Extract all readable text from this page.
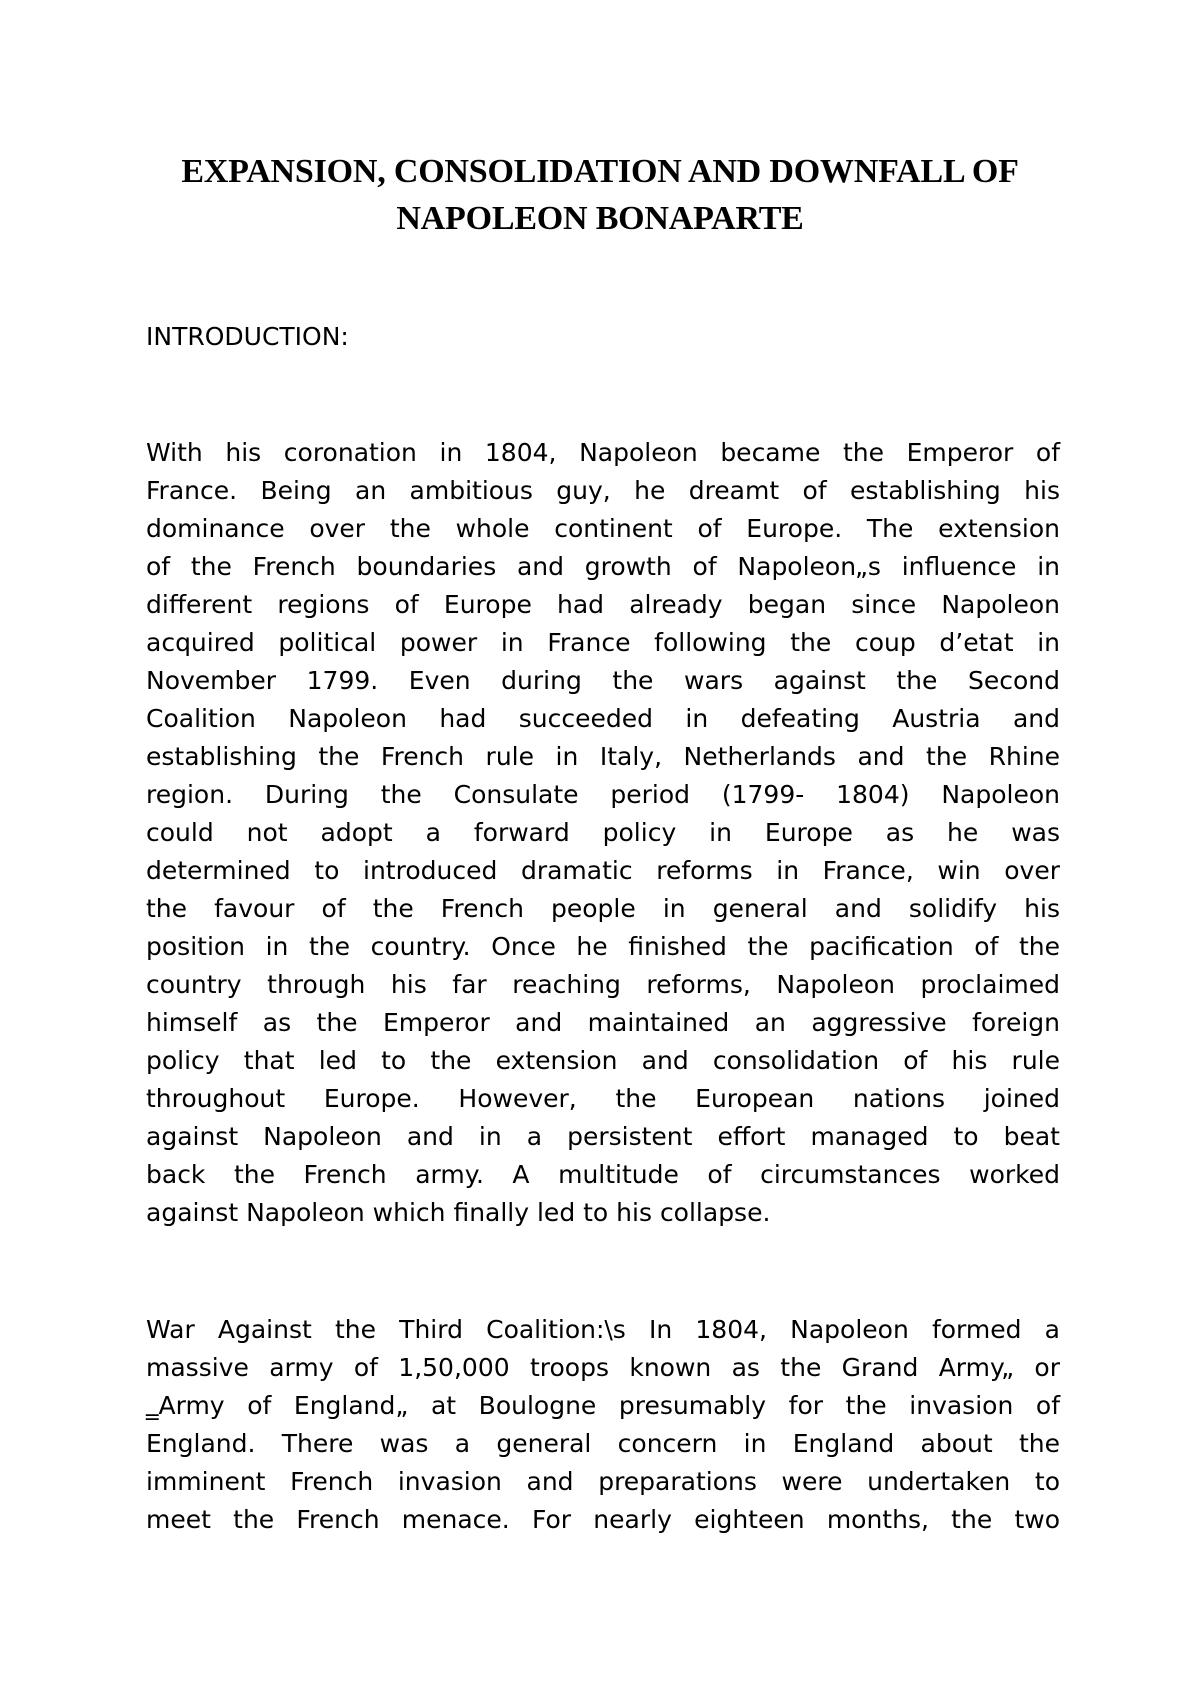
EXPANSION, CONSOLIDATION AND DOWNFALL OF
NAPOLEON BONAPARTE
INTRODUCTION:

With his coronation in 1804, Napoleon became the Emperor of
France. Being an ambitious guy, he dreamt of establishing his
dominance over the whole continent of Europe. The extension
of the French boundaries and growth of Napoleon„s influence in
different regions of Europe had already began since Napoleon
acquired political power in France following the coup d’etat in
November 1799. Even during the wars against the Second
Coalition Napoleon had succeeded in defeating Austria and
establishing the French rule in Italy, Netherlands and the Rhine
region. During the Consulate period (1799- 1804) Napoleon
could not adopt a forward policy in Europe as he was
determined to introduced dramatic reforms in France, win over
the favour of the French people in general and solidify his
position in the country. Once he finished the pacification of the
country through his far reaching reforms, Napoleon proclaimed
himself as the Emperor and maintained an aggressive foreign
policy that led to the extension and consolidation of his rule
throughout Europe. However, the European nations joined
against Napoleon and in a persistent effort managed to beat
back the French army. A multitude of circumstances worked
against Napoleon which finally led to his collapse.

War Against the Third Coalition:\s In 1804, Napoleon formed a
massive army of 1,50,000 troops known as the Grand Army„ or
‗Army of England„ at Boulogne presumably for the invasion of
England. There was a general concern in England about the
imminent French invasion and preparations were undertaken to
meet the French menace. For nearly eighteen months, the two
